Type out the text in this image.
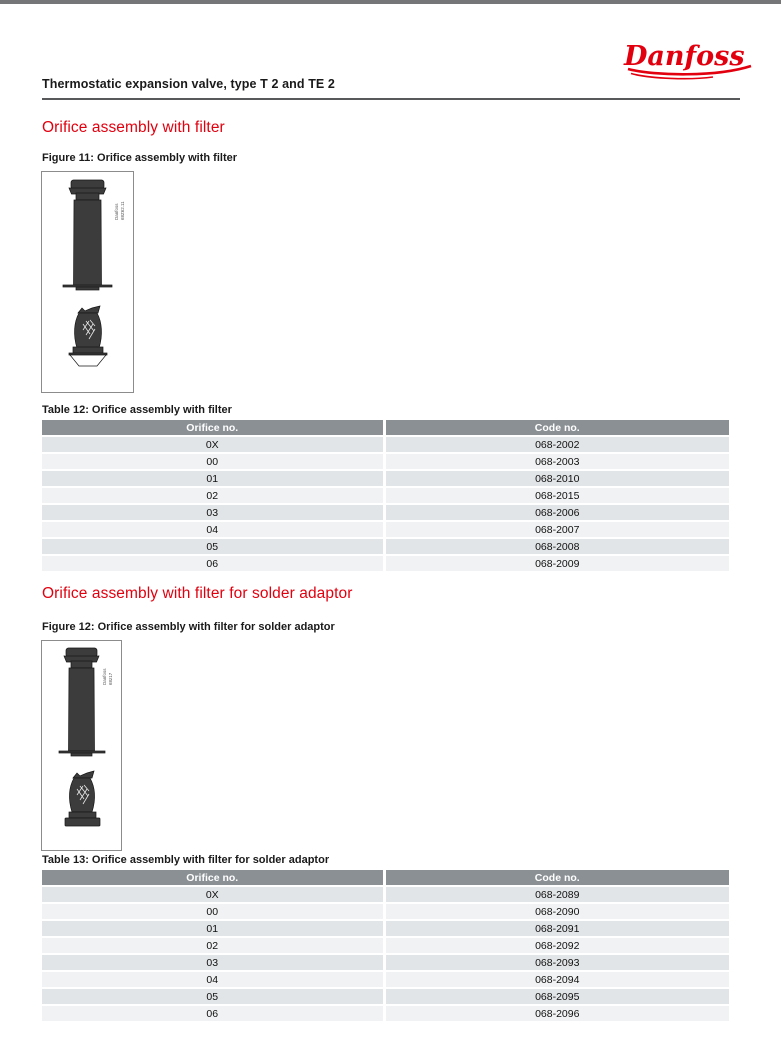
Danfoss
Thermostatic expansion valve, type T 2 and TE 2
Orifice assembly with filter
Figure 11: Orifice assembly with filter
Danfoss 68Z62.11
Table 12: Orifice assembly with filter
Orifice no.	Code no.
0X	068-2002
00	068-2003
01	068-2010
02	068-2015
03	068-2006
04	068-2007
05	068-2008
06	068-2009
Orifice assembly with filter for solder adaptor
Figure 12: Orifice assembly with filter for solder adaptor
Danfoss 68z17
Table 13: Orifice assembly with filter for solder adaptor
Orifice no.	Code no.
0X	068-2089
00	068-2090
01	068-2091
02	068-2092
03	068-2093
04	068-2094
05	068-2095
06	068-2096
